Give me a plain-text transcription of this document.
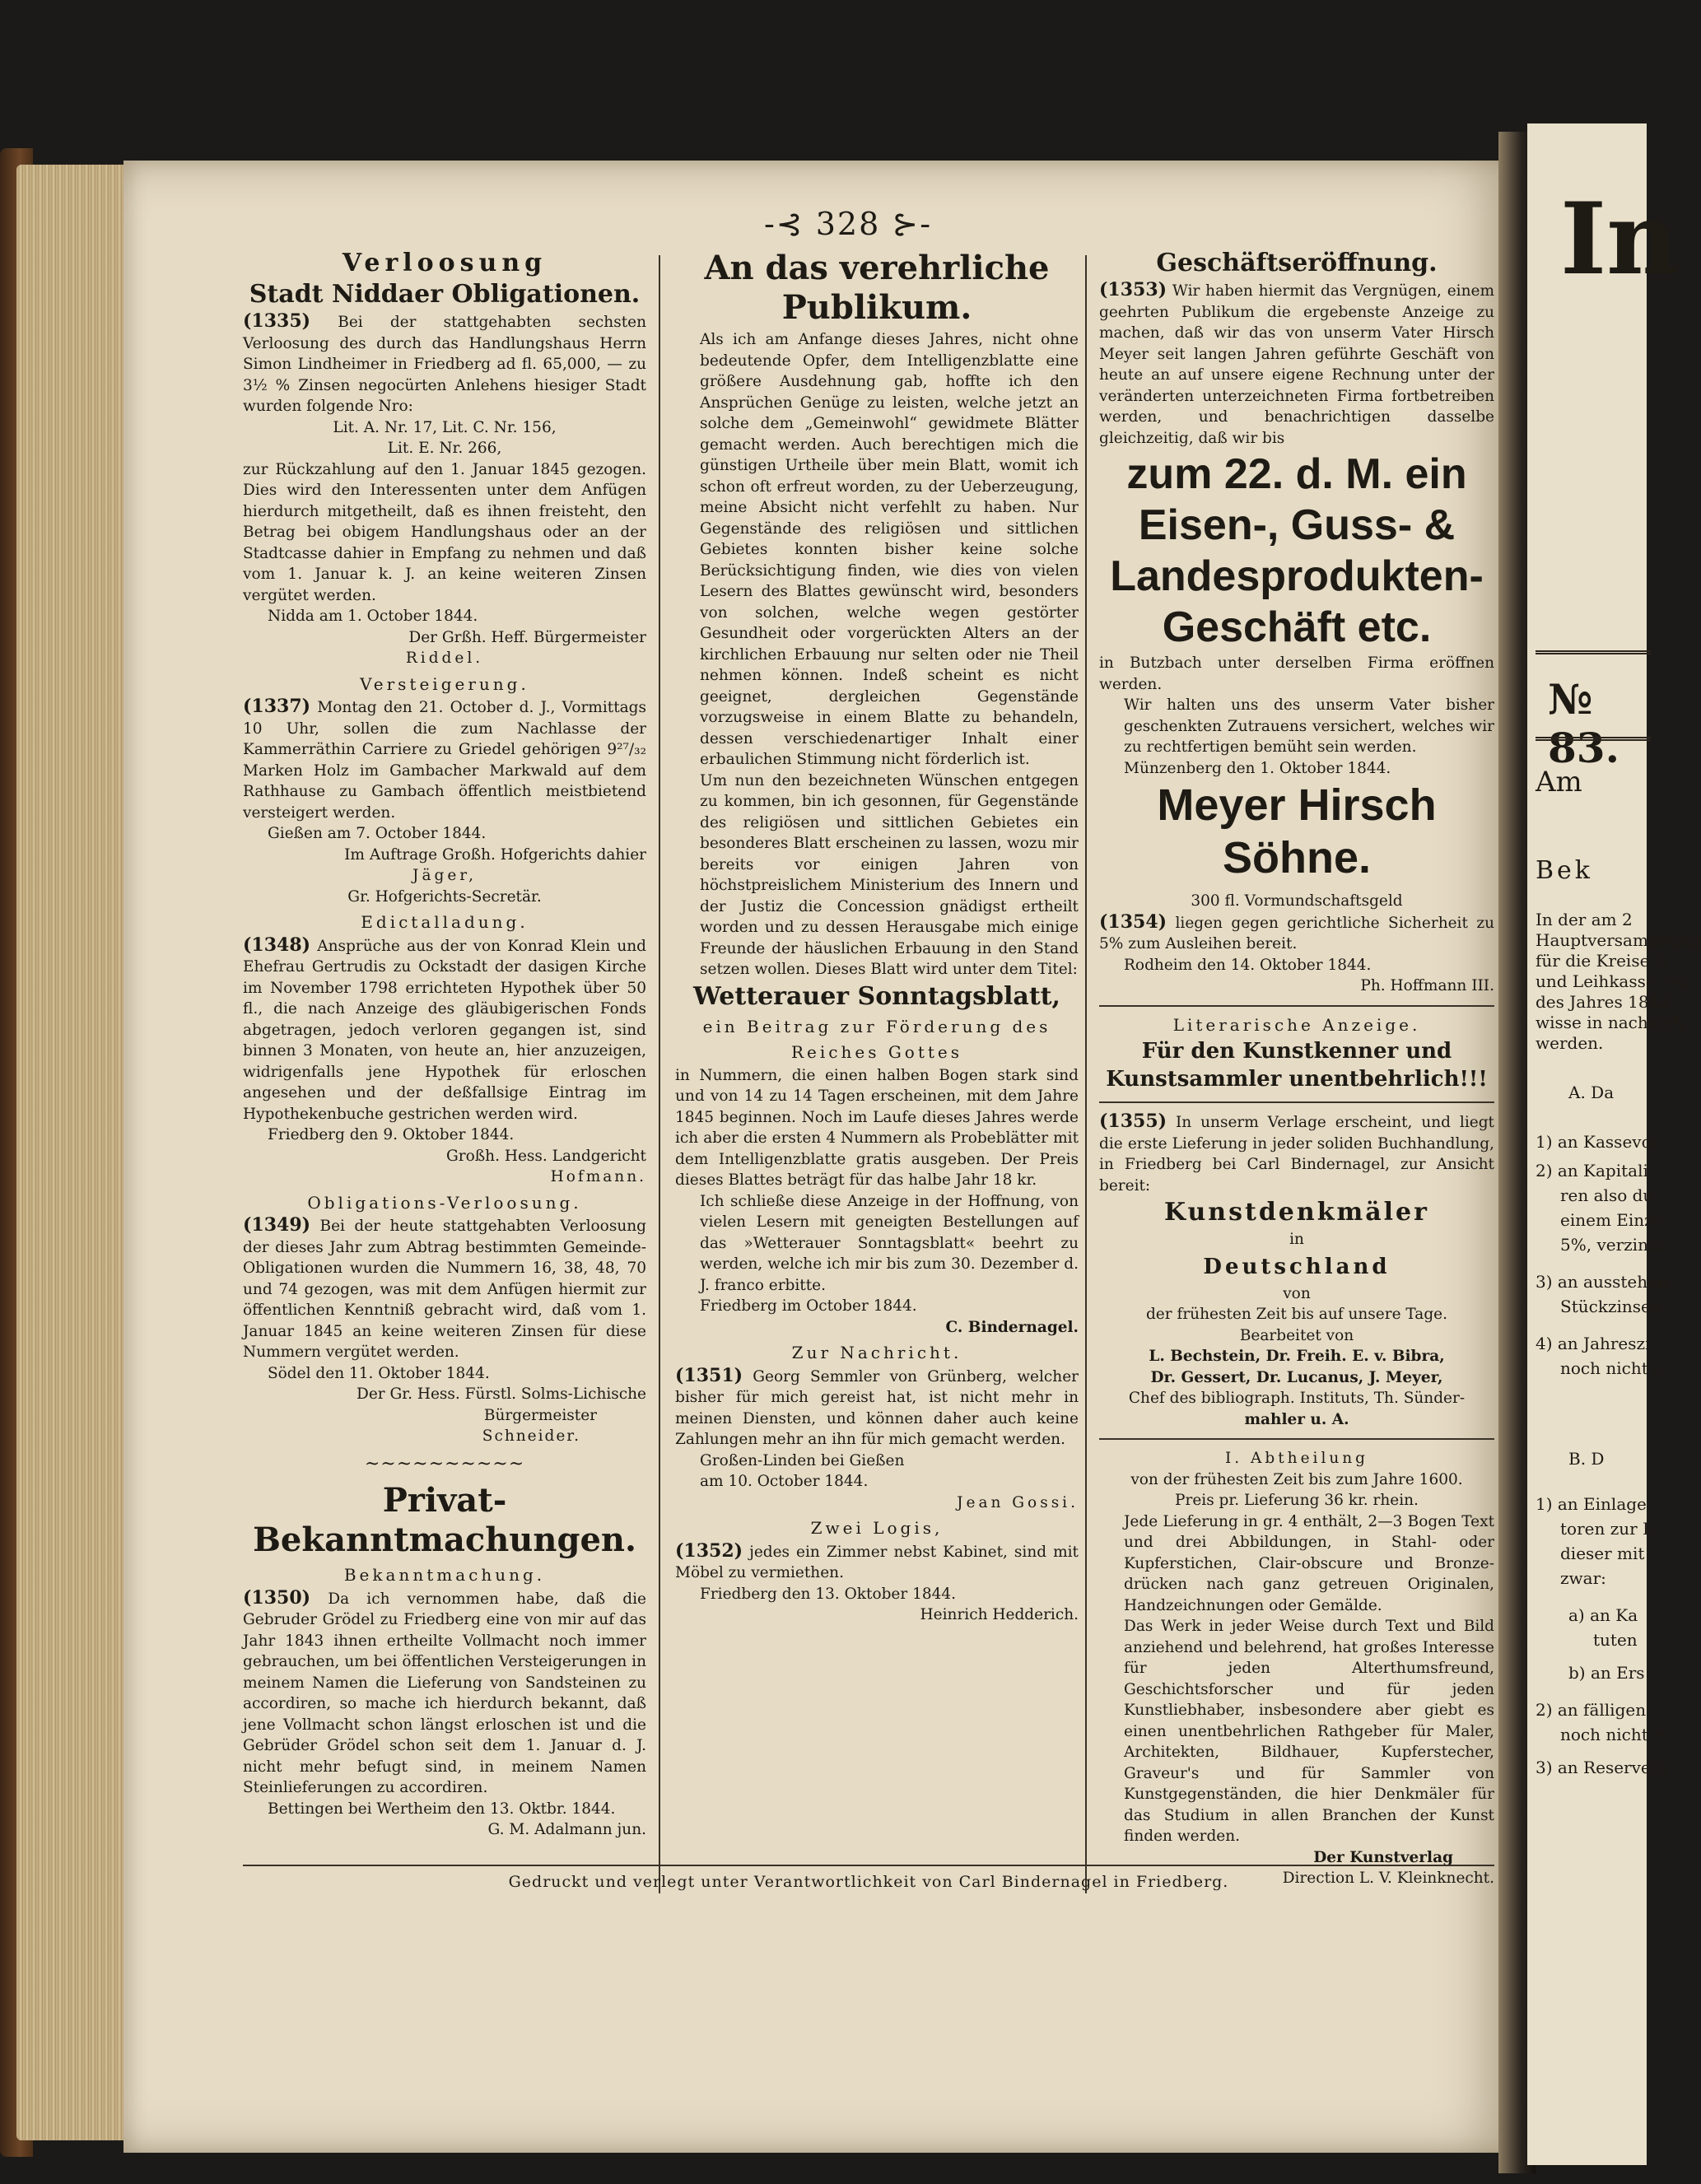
In
№ 83.
Am
Bek
In der am 2
Hauptversammlung
für die Kreise G
und Leihkasse, wu
des Jahres 1843
wisse in nachsteh
werden.
A. Da
1) an Kassevor
2) an Kapitali
ren also du
einem Einze
5%, verzinse
3) an ausstehen
Stückzinsen
4) an Jahreszi
noch nicht e
B. D
1) an Einlage
toren zur K
dieser mit
zwar:
a) an Ka
tuten
b) an Ers
2) an fälligen
noch nicht e
3) an Reservefo
-⊰ 328 ⊱-
Verloosung
Stadt Niddaer Obligationen.

(1335) Bei der stattgehabten sechsten Verloosung des durch das Handlungshaus Herrn Simon Lindheimer in Friedberg ad fl. 65,000, — zu 3½ % Zinsen negocürten Anlehens hiesiger Stadt wurden folgende Nro:

Lit. A. Nr. 17, Lit. C. Nr. 156,
Lit. E. Nr. 266,

zur Rückzahlung auf den 1. Januar 1845 gezogen. Dies wird den Interessenten unter dem Anfügen hierdurch mitgetheilt, daß es ihnen freisteht, den Betrag bei obigem Handlungshaus oder an der Stadtcasse dahier in Empfang zu nehmen und daß vom 1. Januar k. J. an keine weiteren Zinsen vergütet werden.

Nidda am 1. October 1844.
Der Grßh. Heff. Bürgermeister
Riddel.
Versteigerung.

(1337) Montag den 21. October d. J., Vormittags 10 Uhr, sollen die zum Nachlasse der Kammerräthin Carriere zu Griedel gehörigen 9²⁷/₃₂ Marken Holz im Gambacher Markwald auf dem Rathhause zu Gambach öffentlich meistbietend versteigert werden.

Gießen am 7. October 1844.
Im Auftrage Großh. Hofgerichts dahier
Jäger,
Gr. Hofgerichts-Secretär.
Edictalladung.

(1348) Ansprüche aus der von Konrad Klein und Ehefrau Gertrudis zu Ockstadt der dasigen Kirche im November 1798 errichteten Hypothek über 50 fl., die nach Anzeige des gläubigerischen Fonds abgetragen, jedoch verloren gegangen ist, sind binnen 3 Monaten, von heute an, hier anzuzeigen, widrigenfalls jene Hypothek für erloschen angesehen und der deßfallsige Eintrag im Hypothekenbuche gestrichen werden wird.

Friedberg den 9. Oktober 1844.
Großh. Hess. Landgericht
Hofmann.
Obligations-Verloosung.

(1349) Bei der heute stattgehabten Verloosung der dieses Jahr zum Abtrag bestimmten Gemeinde-Obligationen wurden die Nummern 16, 38, 48, 70 und 74 gezogen, was mit dem Anfügen hiermit zur öffentlichen Kenntniß gebracht wird, daß vom 1. Januar 1845 an keine weiteren Zinsen für diese Nummern vergütet werden.

Södel den 11. Oktober 1844.
Der Gr. Hess. Fürstl. Solms-Lichische
Bürgermeister
Schneider.
~~~~~~~~~~
Privat-Bekanntmachungen.
Bekanntmachung.

(1350) Da ich vernommen habe, daß die Gebruder Grödel zu Friedberg eine von mir auf das Jahr 1843 ihnen ertheilte Vollmacht noch immer gebrauchen, um bei öffentlichen Versteigerungen in meinem Namen die Lieferung von Sandsteinen zu accordiren, so mache ich hierdurch bekannt, daß jene Vollmacht schon längst erloschen ist und die Gebrüder Grödel schon seit dem 1. Januar d. J. nicht mehr befugt sind, in meinem Namen Steinlieferungen zu accordiren.

Bettingen bei Wertheim den 13. Oktbr. 1844.
G. M. Adalmann jun.
An das verehrliche Publikum.

Als ich am Anfange dieses Jahres, nicht ohne bedeutende Opfer, dem Intelligenzblatte eine größere Ausdehnung gab, hoffte ich den Ansprüchen Genüge zu leisten, welche jetzt an solche dem „Gemeinwohl“ gewidmete Blätter gemacht werden. Auch berechtigen mich die günstigen Urtheile über mein Blatt, womit ich schon oft erfreut worden, zu der Ueberzeugung, meine Absicht nicht verfehlt zu haben. Nur Gegenstände des religiösen und sittlichen Gebietes konnten bisher keine solche Berücksichtigung finden, wie dies von vielen Lesern des Blattes gewünscht wird, besonders von solchen, welche wegen gestörter Gesundheit oder vorgerückten Alters an der kirchlichen Erbauung nur selten oder nie Theil nehmen können. Indeß scheint es nicht geeignet, dergleichen Gegenstände vorzugsweise in einem Blatte zu behandeln, dessen verschiedenartiger Inhalt einer erbaulichen Stimmung nicht förderlich ist.

Um nun den bezeichneten Wünschen entgegen zu kommen, bin ich gesonnen, für Gegenstände des religiösen und sittlichen Gebietes ein besonderes Blatt erscheinen zu lassen, wozu mir bereits vor einigen Jahren von höchstpreislichem Ministerium des Innern und der Justiz die Concession gnädigst ertheilt worden und zu dessen Herausgabe mich einige Freunde der häuslichen Erbauung in den Stand setzen wollen. Dieses Blatt wird unter dem Titel:

Wetterauer Sonntagsblatt,
ein Beitrag zur Förderung des
Reiches Gottes

in Nummern, die einen halben Bogen stark sind und von 14 zu 14 Tagen erscheinen, mit dem Jahre 1845 beginnen. Noch im Laufe dieses Jahres werde ich aber die ersten 4 Nummern als Probeblätter mit dem Intelligenzblatte gratis ausgeben. Der Preis dieses Blattes beträgt für das halbe Jahr 18 kr.

Ich schließe diese Anzeige in der Hoffnung, von vielen Lesern mit geneigten Bestellungen auf das »Wetterauer Sonntagsblatt« beehrt zu werden, welche ich mir bis zum 30. Dezember d. J. franco erbitte.

Friedberg im October 1844.
C. Bindernagel.
Zur Nachricht.

(1351) Georg Semmler von Grünberg, welcher bisher für mich gereist hat, ist nicht mehr in meinen Diensten, und können daher auch keine Zahlungen mehr an ihn für mich gemacht werden.

Großen-Linden bei Gießen
am 10. October 1844.
Jean Gossi.
Zwei Logis,

(1352) jedes ein Zimmer nebst Kabinet, sind mit Möbel zu vermiethen.

Friedberg den 13. Oktober 1844.
Heinrich Hedderich.
Geschäftseröffnung.

(1353) Wir haben hiermit das Vergnügen, einem geehrten Publikum die ergebenste Anzeige zu machen, daß wir das von unserm Vater Hirsch Meyer seit langen Jahren geführte Geschäft von heute an auf unsere eigene Rechnung unter der veränderten unterzeichneten Firma fortbetreiben werden, und benachrichtigen dasselbe gleichzeitig, daß wir bis

zum 22. d. M. ein
Eisen-, Guss- &
Landesprodukten-
Geschäft etc.

in Butzbach unter derselben Firma eröffnen werden.

Wir halten uns des unserm Vater bisher geschenkten Zutrauens versichert, welches wir zu rechtfertigen bemüht sein werden.

Münzenberg den 1. Oktober 1844.
Meyer Hirsch
Söhne.
300 fl. Vormundschaftsgeld

(1354) liegen gegen gerichtliche Sicherheit zu 5% zum Ausleihen bereit.

Rodheim den 14. Oktober 1844.
Ph. Hoffmann III.
Literarische Anzeige.
Für den Kunstkenner und Kunstsammler unentbehrlich!!!

(1355) In unserm Verlage erscheint, und liegt die erste Lieferung in jeder soliden Buchhandlung, in Friedberg bei Carl Bindernagel, zur Ansicht bereit:

Kunstdenkmäler
in
Deutschland
von
der frühesten Zeit bis auf unsere Tage.
Bearbeitet von
L. Bechstein, Dr. Freih. E. v. Bibra,
Dr. Gessert, Dr. Lucanus, J. Meyer,
Chef des bibliograph. Instituts, Th. Sünder-
mahler u. A.
I. Abtheilung
von der frühesten Zeit bis zum Jahre 1600.
Preis pr. Lieferung 36 kr. rhein.

Jede Lieferung in gr. 4 enthält, 2—3 Bogen Text und drei Abbildungen, in Stahl- oder Kupferstichen, Clair-obscure und Bronze-drücken nach ganz getreuen Originalen, Handzeichnungen oder Gemälde.

Das Werk in jeder Weise durch Text und Bild anziehend und belehrend, hat großes Interesse für jeden Alterthumsfreund, Geschichtsforscher und für jeden Kunstliebhaber, insbesondere aber giebt es einen unentbehrlichen Rathgeber für Maler, Architekten, Bildhauer, Kupferstecher, Graveur's und für Sammler von Kunstgegenständen, die hier Denkmäler für das Studium in allen Branchen der Kunst finden werden.

Der Kunstverlag
Direction L. V. Kleinknecht.
Gedruckt und verlegt unter Verantwortlichkeit von Carl Bindernagel in Friedberg.
